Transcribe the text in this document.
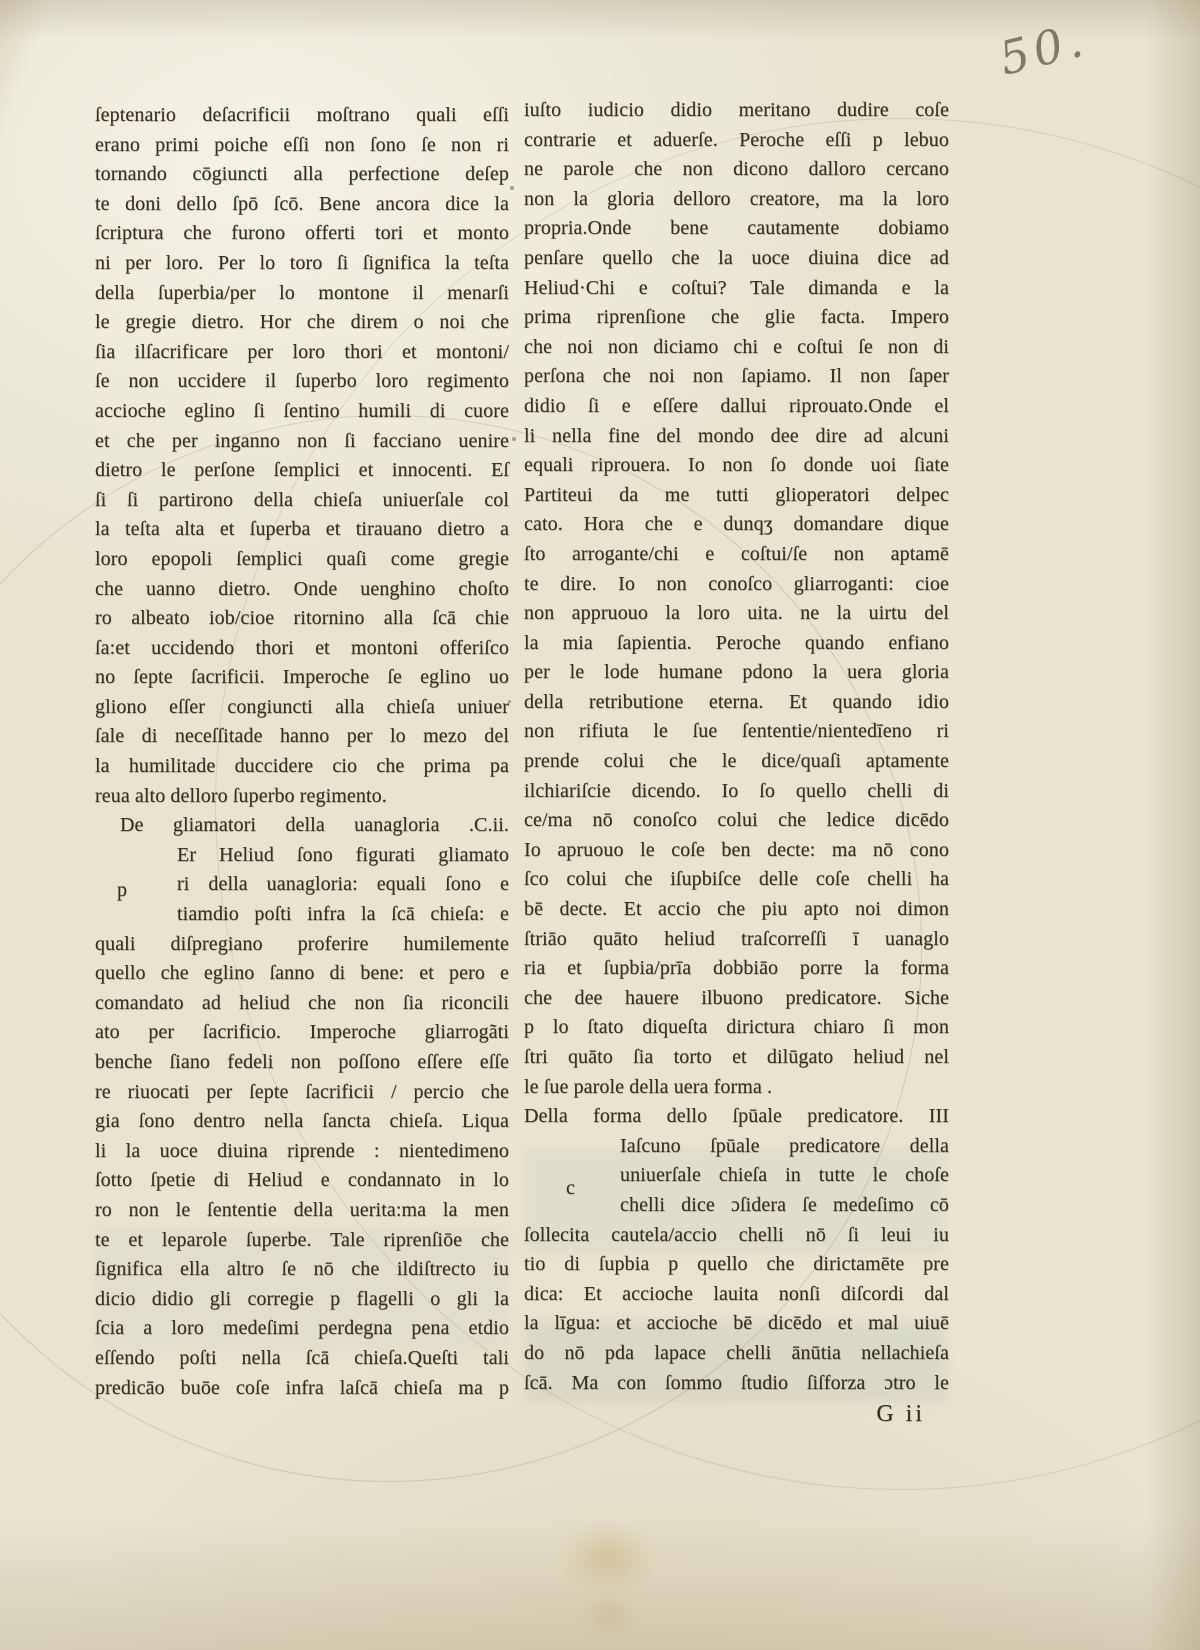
50.
ſeptenario deſacrificii moſtrano quali eſſi
erano primi poiche eſſi non ſono ſe non ri
tornando cōgiuncti alla perfectione deſep
te doni dello ſpō ſcō. Bene ancora dice la
ſcriptura che furono offerti tori et monto
ni per loro. Per lo toro ſi ſignifica la teſta
della ſuperbia/per lo montone il menarſi
le gregie dietro. Hor che direm o noi che
ſia ilſacrificare per loro thori et montoni/
ſe non uccidere il ſuperbo loro regimento
accioche eglino ſi ſentino humili di cuore
et che per inganno non ſi facciano uenire
dietro le perſone ſemplici et innocenti. Eſ
ſi ſi partirono della chieſa uniuerſale col
la teſta alta et ſuperba et tirauano dietro a
loro epopoli ſemplici quaſi come gregie
che uanno dietro. Onde uenghino choſto
ro albeato iob/cioe ritornino alla ſcā chie
ſa:et uccidendo thori et montoni offeriſco
no ſepte ſacrificii. Imperoche ſe eglino uo
gliono eſſer congiuncti alla chieſa uniuer
ſale di neceſſitade hanno per lo mezo del
la humilitade duccidere cio che prima pa
reua alto delloro ſuperbo regimento.
De gliamatori della uanagloria .C.ii.
Er Heliud ſono figurati gliamato
ri della uanagloria: equali ſono e
tiamdio poſti infra la ſcā chieſa: e
quali diſpregiano proferire humilemente
quello che eglino ſanno di bene: et pero e
comandato ad heliud che non ſia riconcili
ato per ſacrificio. Imperoche gliarrogãti
benche ſiano fedeli non poſſono eſſere eſſe
re riuocati per ſepte ſacrificii / percio che
gia ſono dentro nella ſancta chieſa. Liqua
li la uoce diuina riprende : nientedimeno
ſotto ſpetie di Heliud e condannato in lo
ro non le ſententie della uerita:ma la men
te et leparole ſuperbe. Tale riprenſiōe che
ſignifica ella altro ſe nō che ildiſtrecto iu
dicio didio gli corregie p flagelli o gli la
ſcia a loro medeſimi perdegna pena etdio
eſſendo poſti nella ſcā chieſa.Queſti tali
predicāo buōe coſe infra laſcā chieſa ma p
p
iuſto iudicio didio meritano dudire coſe
contrarie et aduerſe. Peroche eſſi p lebuo
ne parole che non dicono dalloro cercano
non la gloria delloro creatore, ma la loro
propria.Onde bene cautamente dobiamo
penſare quello che la uoce diuina dice ad
Heliud·Chi e coſtui? Tale dimanda e la
prima riprenſione che glie facta. Impero
che noi non diciamo chi e coſtui ſe non di
perſona che noi non ſapiamo. Il non ſaper
didio ſi e eſſere dallui riprouato.Onde el
li nella fine del mondo dee dire ad alcuni
equali riprouera. Io non ſo donde uoi ſiate
Partiteui da me tutti glioperatori delpec
cato. Hora che e dunqʒ domandare dique
ſto arrogante/chi e coſtui/ſe non aptamē
te dire. Io non conoſco gliarroganti: cioe
non appruouo la loro uita. ne la uirtu del
la mia ſapientia. Peroche quando enfiano
per le lode humane pdono la uera gloria
della retributione eterna. Et quando idio
non rifiuta le ſue ſententie/nientedīeno ri
prende colui che le dice/quaſi aptamente
ilchiariſcie dicendo. Io ſo quello chelli di
ce/ma nō conoſco colui che ledice dicēdo
Io apruouo le coſe ben decte: ma nō cono
ſco colui che iſupbiſce delle coſe chelli ha
bē decte. Et accio che piu apto noi dimon
ſtriāo quāto heliud traſcorreſſi ī uanaglo
ria et ſupbia/prīa dobbiāo porre la forma
che dee hauere ilbuono predicatore. Siche
p lo ſtato diqueſta dirictura chiaro ſi mon
ſtri quāto ſia torto et dilūgato heliud nel
le ſue parole della uera forma .
Della forma dello ſpūale predicatore. III
Iaſcuno ſpūale predicatore della
uniuerſale chieſa in tutte le choſe
chelli dice ɔſidera ſe medeſimo cō
ſollecita cautela/accio chelli nō ſi leui iu
tio di ſupbia p quello che dirictamēte pre
dica: Et accioche lauita nonſi diſcordi dal
la līgua: et accioche bē dicēdo et mal uiuē
do nō pda lapace chelli ānūtia nellachieſa
ſcā. Ma con ſommo ſtudio ſiſforza ɔtro le
G ii
c
